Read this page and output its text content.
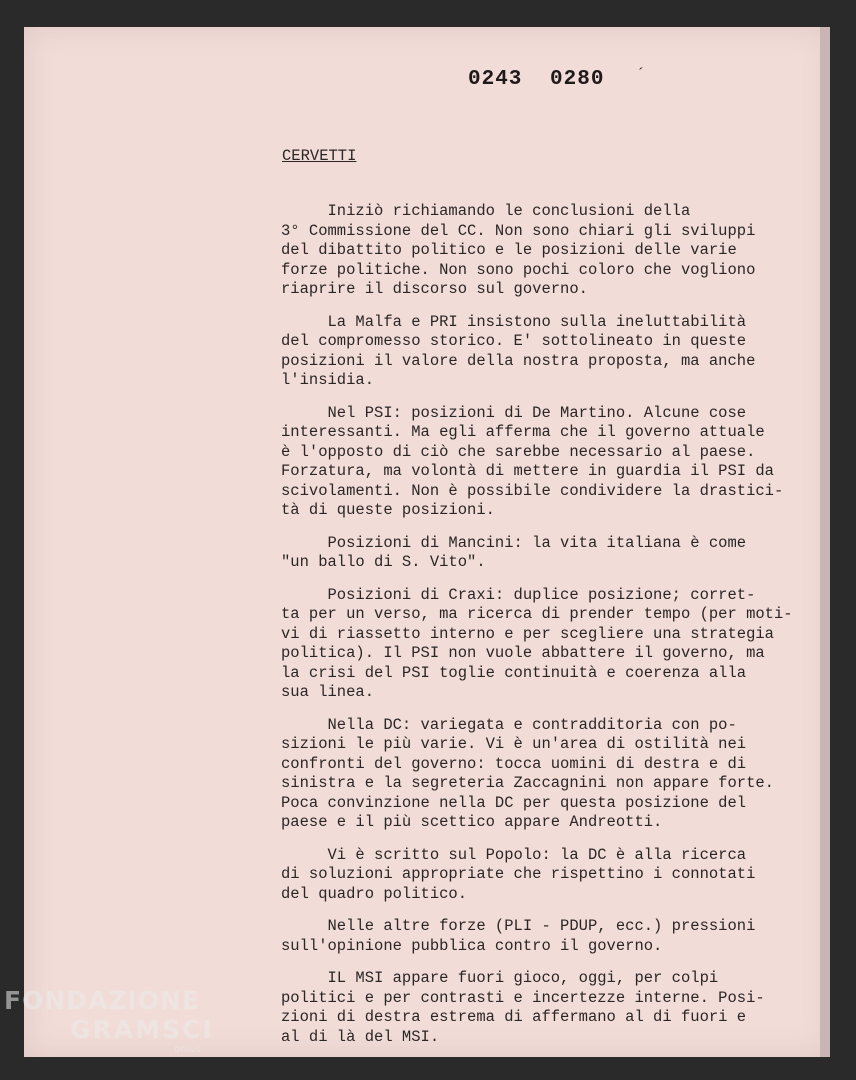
0243 0280 ´
CERVETTI
Iniziò richiamando le conclusioni della
3° Commissione del CC. Non sono chiari gli sviluppi
del dibattito politico e le posizioni delle varie
forze politiche. Non sono pochi coloro che vogliono
riaprire il discorso sul governo.
La Malfa e PRI insistono sulla ineluttabilità
del compromesso storico. E' sottolineato in queste
posizioni il valore della nostra proposta, ma anche
l'insidia.
Nel PSI: posizioni di De Martino. Alcune cose
interessanti. Ma egli afferma che il governo attuale
è l'opposto di ciò che sarebbe necessario al paese.
Forzatura, ma volontà di mettere in guardia il PSI da
scivolamenti. Non è possibile condividere la drastici-
tà di queste posizioni.
Posizioni di Mancini: la vita italiana è come
"un ballo di S. Vito".
Posizioni di Craxi: duplice posizione; corret-
ta per un verso, ma ricerca di prender tempo (per moti-
vi di riassetto interno e per scegliere una strategia
politica). Il PSI non vuole abbattere il governo, ma
la crisi del PSI toglie continuità e coerenza alla
sua linea.
Nella DC: variegata e contradditoria con po-
sizioni le più varie. Vi è un'area di ostilità nei
confronti del governo: tocca uomini di destra e di
sinistra e la segreteria Zaccagnini non appare forte.
Poca convinzione nella DC per questa posizione del
paese e il più scettico appare Andreotti.
Vi è scritto sul Popolo: la DC è alla ricerca
di soluzioni appropriate che rispettino i connotati
del quadro politico.
Nelle altre forze (PLI - PDUP, ecc.) pressioni
sull'opinione pubblica contro il governo.
IL MSI appare fuori gioco, oggi, per colpi
politici e per contrasti e incertezze interne. Posi-
zioni di destra estrema di affermano al di fuori e
al di là del MSI.
FONDAZIONE
GRAMSCI
onlus
